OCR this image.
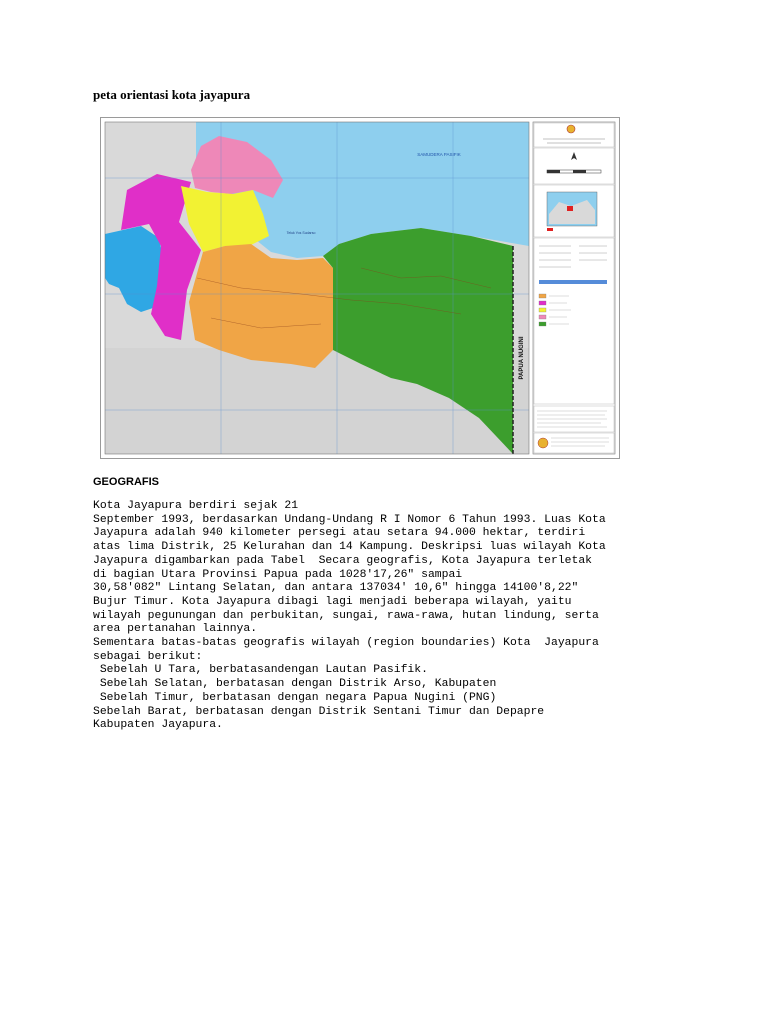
peta orientasi kota jayapura
SAMUDERA PASIFIK
Teluk Yos Sudarso
PAPUA NUGINI
GEOGRAFIS
Kota Jayapura berdiri sejak 21
September 1993, berdasarkan Undang-Undang R I Nomor 6 Tahun 1993. Luas Kota
Jayapura adalah 940 kilometer persegi atau setara 94.000 hektar, terdiri
atas lima Distrik, 25 Kelurahan dan 14 Kampung. Deskripsi luas wilayah Kota
Jayapura digambarkan pada Tabel  Secara geografis, Kota Jayapura terletak
di bagian Utara Provinsi Papua pada 1028'17,26" sampai
30,58'082" Lintang Selatan, dan antara 137034' 10,6" hingga 14100'8,22"
Bujur Timur. Kota Jayapura dibagi lagi menjadi beberapa wilayah, yaitu
wilayah pegunungan dan perbukitan, sungai, rawa-rawa, hutan lindung, serta
area pertanahan lainnya.
Sementara batas-batas geografis wilayah (region boundaries) Kota  Jayapura
sebagai berikut:
Sebelah U Tara, berbatasandengan Lautan Pasifik.
Sebelah Selatan, berbatasan dengan Distrik Arso, Kabupaten
Sebelah Timur, berbatasan dengan negara Papua Nugini (PNG)
Sebelah Barat, berbatasan dengan Distrik Sentani Timur dan Depapre
Kabupaten Jayapura.
